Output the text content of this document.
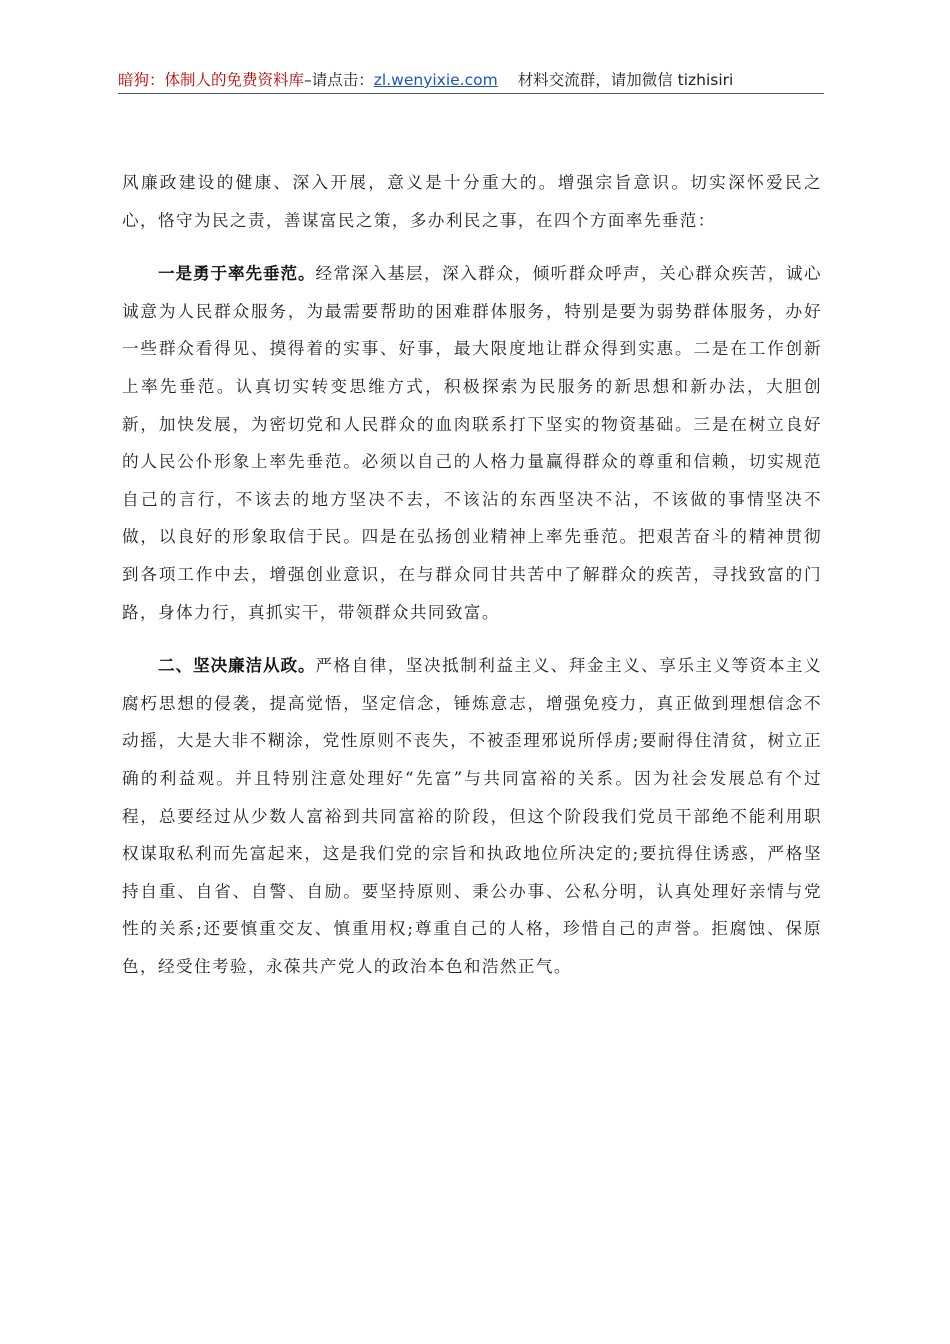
暗狗：体制人的免费资料库–请点击：zl.wenyixie.com 材料交流群，请加微信 tizhisiri

风廉政建设的健康、深入开展，意义是十分重大的。增强宗旨意识。切实深怀爱民之心，恪守为民之责，善谋富民之策，多办利民之事，在四个方面率先垂范：

一是勇于率先垂范。经常深入基层，深入群众，倾听群众呼声，关心群众疾苦，诚心诚意为人民群众服务，为最需要帮助的困难群体服务，特别是要为弱势群体服务，办好一些群众看得见、摸得着的实事、好事，最大限度地让群众得到实惠。二是在工作创新上率先垂范。认真切实转变思维方式，积极探索为民服务的新思想和新办法，大胆创新，加快发展，为密切党和人民群众的血肉联系打下坚实的物资基础。三是在树立良好的人民公仆形象上率先垂范。必须以自己的人格力量赢得群众的尊重和信赖，切实规范自己的言行，不该去的地方坚决不去，不该沾的东西坚决不沾，不该做的事情坚决不做，以良好的形象取信于民。四是在弘扬创业精神上率先垂范。把艰苦奋斗的精神贯彻到各项工作中去，增强创业意识，在与群众同甘共苦中了解群众的疾苦，寻找致富的门路，身体力行，真抓实干，带领群众共同致富。

二、坚决廉洁从政。严格自律，坚决抵制利益主义、拜金主义、享乐主义等资本主义腐朽思想的侵袭，提高觉悟，坚定信念，锤炼意志，增强免疫力，真正做到理想信念不动摇，大是大非不糊涂，党性原则不丧失，不被歪理邪说所俘虏;要耐得住清贫，树立正确的利益观。并且特别注意处理好“先富”与共同富裕的关系。因为社会发展总有个过程，总要经过从少数人富裕到共同富裕的阶段，但这个阶段我们党员干部绝不能利用职权谋取私利而先富起来，这是我们党的宗旨和执政地位所决定的;要抗得住诱惑，严格坚持自重、自省、自警、自励。要坚持原则、秉公办事、公私分明，认真处理好亲情与党性的关系;还要慎重交友、慎重用权;尊重自己的人格，珍惜自己的声誉。拒腐蚀、保原色，经受住考验，永葆共产党人的政治本色和浩然正气。
